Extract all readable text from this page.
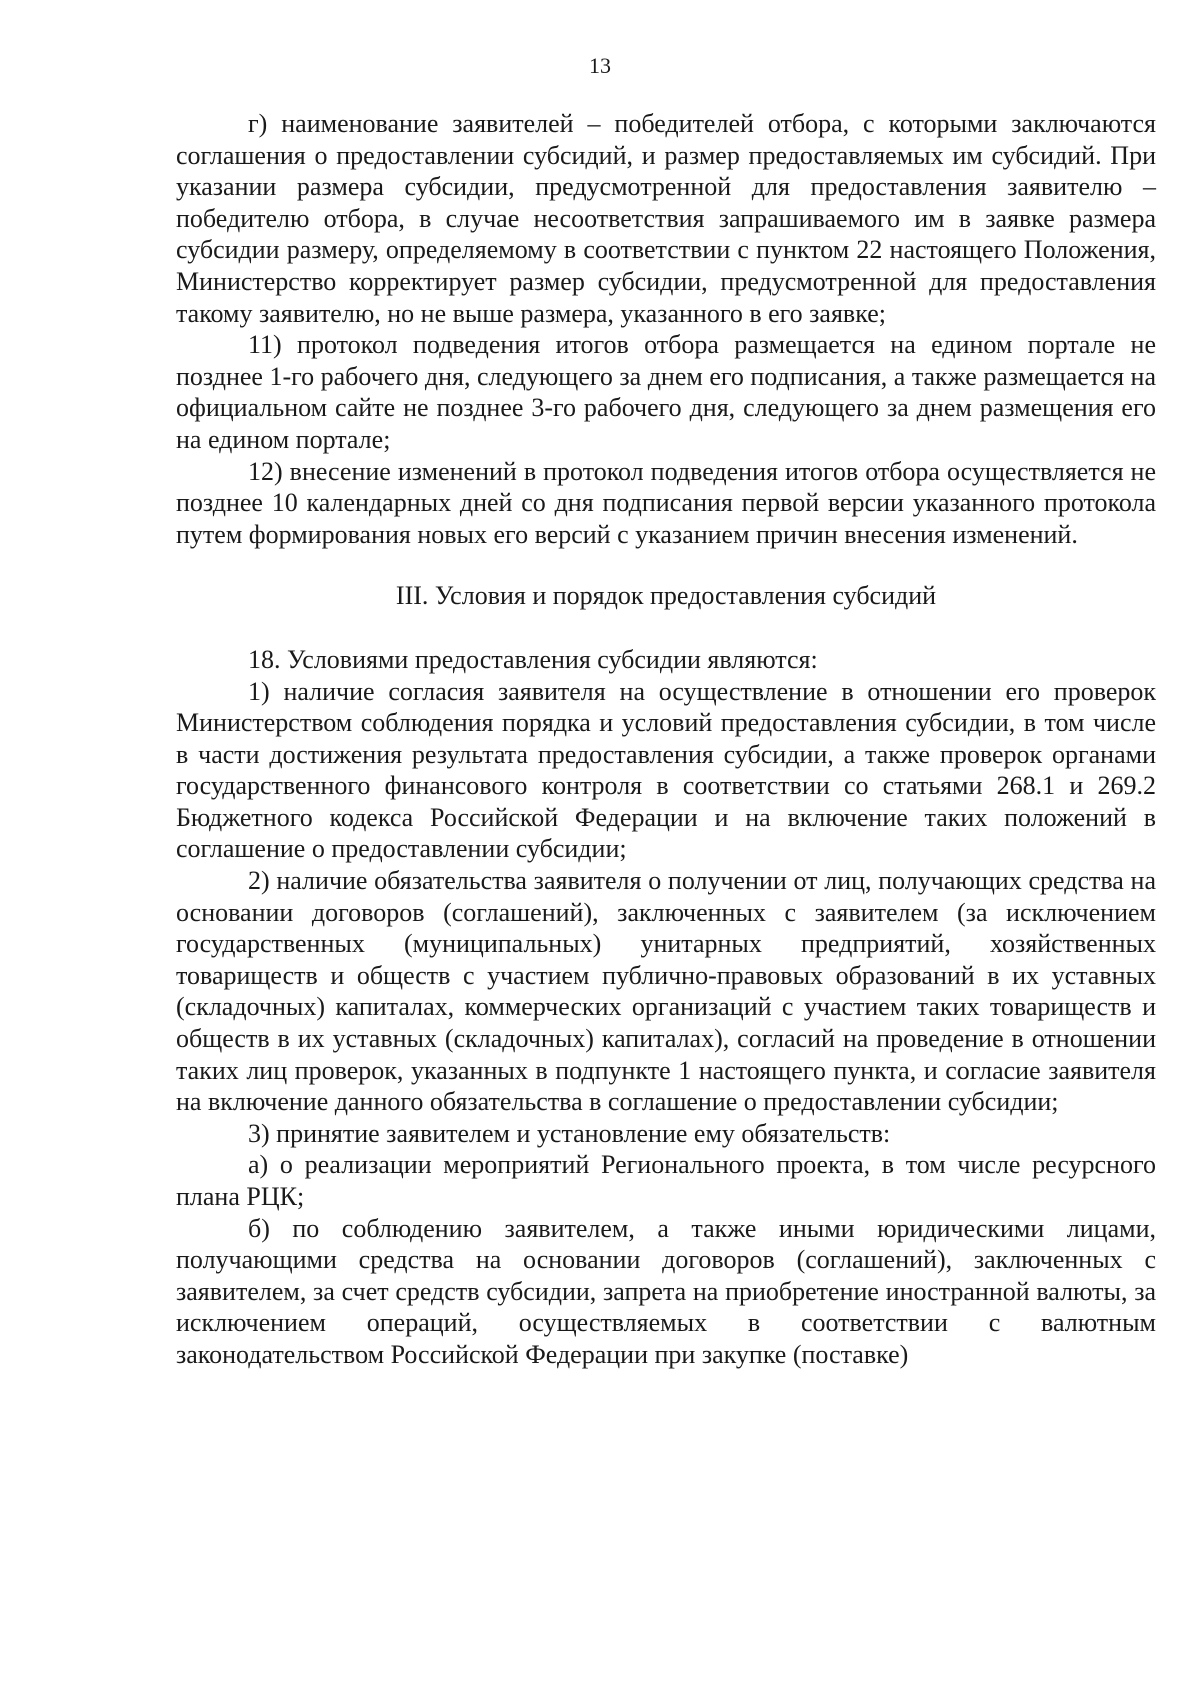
13

г) наименование заявителей – победителей отбора, с которыми заключаются соглашения о предоставлении субсидий, и размер предоставляемых им субсидий. При указании размера субсидии, предусмотренной для предоставления заявителю – победителю отбора, в случае несоответствия запрашиваемого им в заявке размера субсидии размеру, определяемому в соответствии с пунктом 22 настоящего Положения, Министерство корректирует размер субсидии, предусмотренной для предоставления такому заявителю, но не выше размера, указанного в его заявке;

11) протокол подведения итогов отбора размещается на едином портале не позднее 1-го рабочего дня, следующего за днем его подписания, а также размещается на официальном сайте не позднее 3-го рабочего дня, следующего за днем размещения его на едином портале;

12) внесение изменений в протокол подведения итогов отбора осуществляется не позднее 10 календарных дней со дня подписания первой версии указанного протокола путем формирования новых его версий с указанием причин внесения изменений.

III. Условия и порядок предоставления субсидий

18. Условиями предоставления субсидии являются:

1) наличие согласия заявителя на осуществление в отношении его проверок Министерством соблюдения порядка и условий предоставления субсидии, в том числе в части достижения результата предоставления субсидии, а также проверок органами государственного финансового контроля в соответствии со статьями 268.1 и 269.2 Бюджетного кодекса Российской Федерации и на включение таких положений в соглашение о предоставлении субсидии;

2) наличие обязательства заявителя о получении от лиц, получающих средства на основании договоров (соглашений), заключенных с заявителем (за исключением государственных (муниципальных) унитарных предприятий, хозяйственных товариществ и обществ с участием публично-правовых образований в их уставных (складочных) капиталах, коммерческих организаций с участием таких товариществ и обществ в их уставных (складочных) капиталах), согласий на проведение в отношении таких лиц проверок, указанных в подпункте 1 настоящего пункта, и согласие заявителя на включение данного обязательства в соглашение о предоставлении субсидии;

3) принятие заявителем и установление ему обязательств:

а) о реализации мероприятий Регионального проекта, в том числе ресурсного плана РЦК;

б) по соблюдению заявителем, а также иными юридическими лицами, получающими средства на основании договоров (соглашений), заключенных с заявителем, за счет средств субсидии, запрета на приобретение иностранной валюты, за исключением операций, осуществляемых в соответствии с валютным законодательством Российской Федерации при закупке (поставке)
